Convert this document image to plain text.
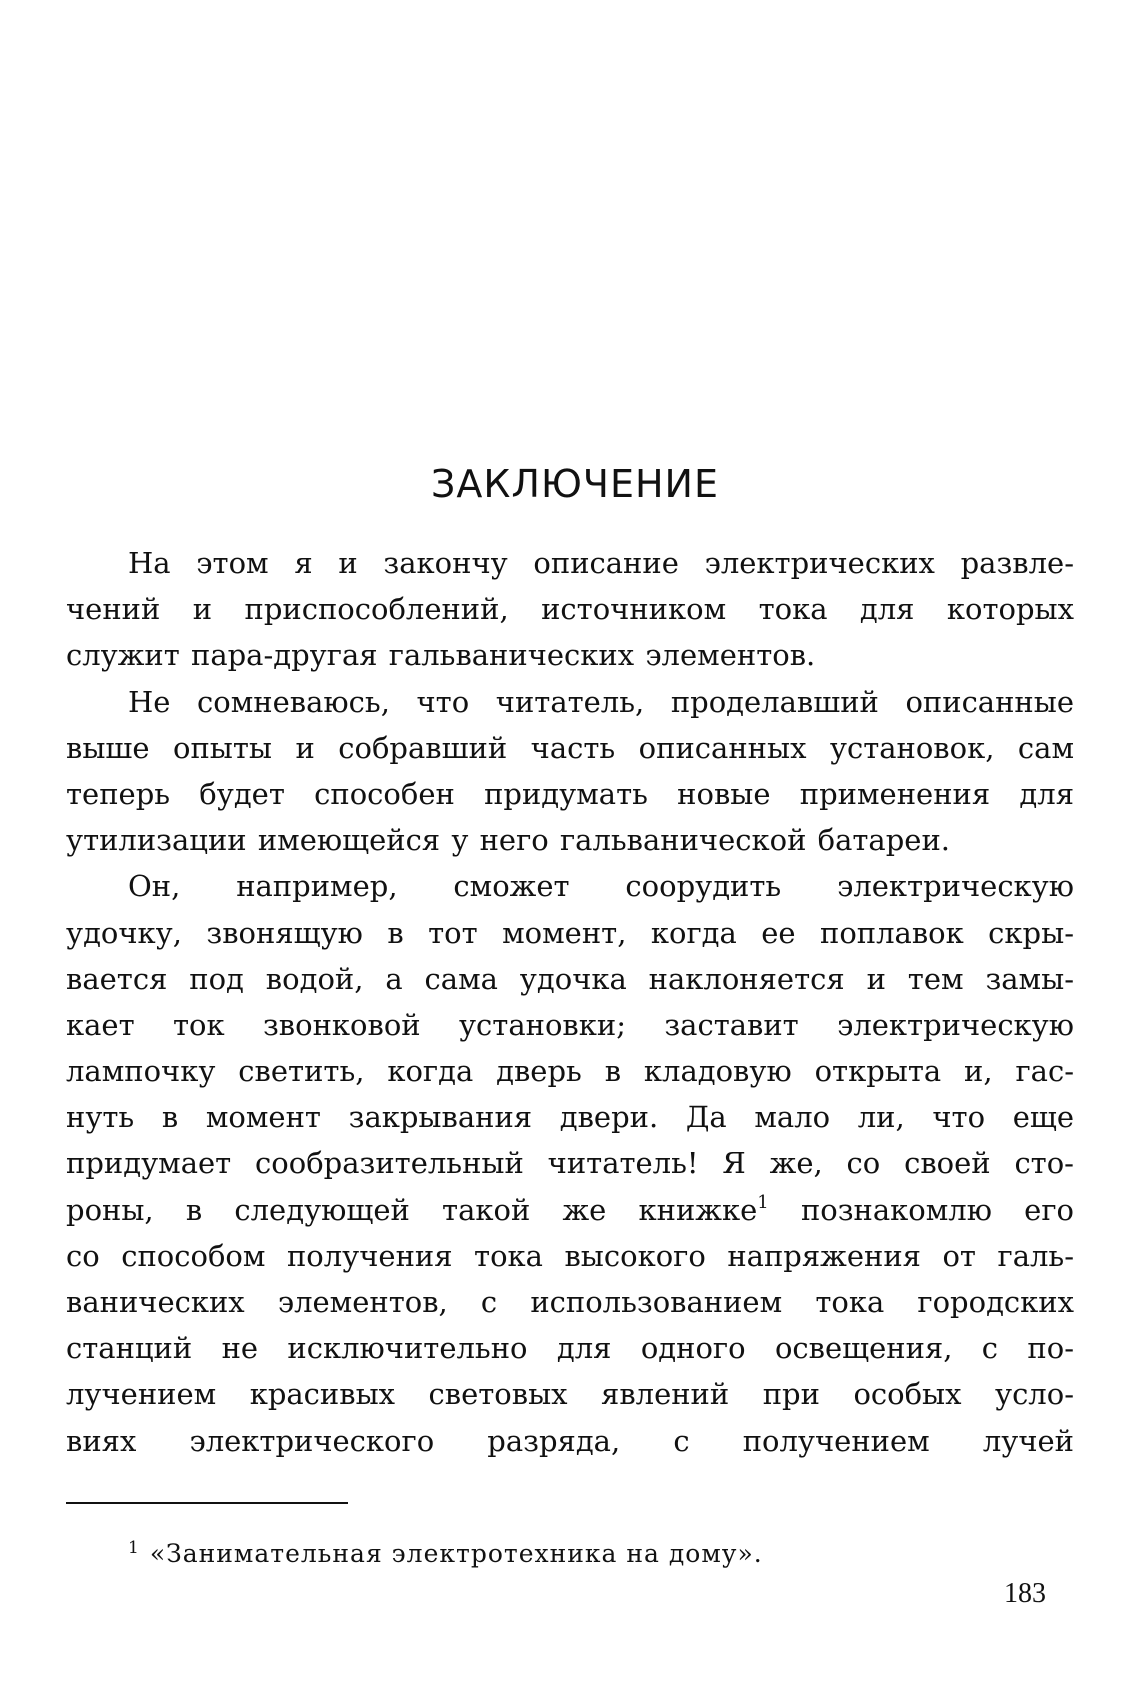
ЗАКЛЮЧЕНИЕ
На этом я и закончу описание электрических развле-
чений и приспособлений, источником тока для которых
служит пара-другая гальванических элементов.
Не сомневаюсь, что читатель, проделавший описанные
выше опыты и собравший часть описанных установок, сам
теперь будет способен придумать новые применения для
утилизации имеющейся у него гальванической батареи.
Он, например, сможет соорудить электрическую
удочку, звонящую в тот момент, когда ее поплавок скры-
вается под водой, а сама удочка наклоняется и тем замы-
кает ток звонковой установки; заставит электрическую
лампочку светить, когда дверь в кладовую открыта и, гас-
нуть в момент закрывания двери. Да мало ли, что еще
придумает сообразительный читатель! Я же, со своей сто-
роны, в следующей такой же книжке$^1$ познакомлю его
со способом получения тока высокого напряжения от галь-
ванических элементов, с использованием тока городских
станций не исключительно для одного освещения, с по-
лучением красивых световых явлений при особых усло-
виях электрического разряда, с получением лучей
$^1$ «Занимательная электротехника на дому».
183
